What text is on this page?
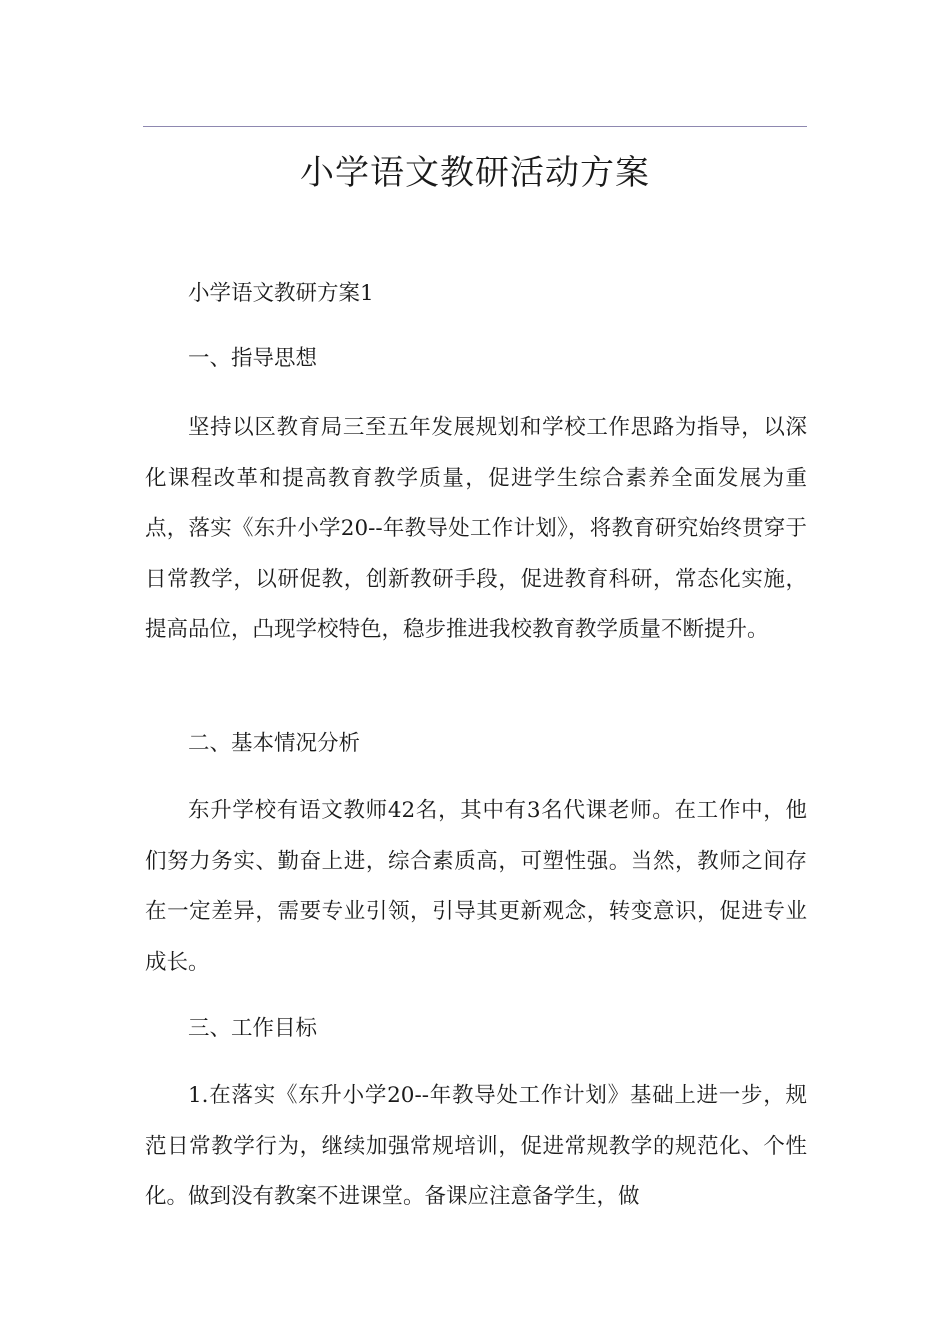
小学语文教研活动方案

小学语文教研方案1

一、指导思想

坚持以区教育局三至五年发展规划和学校工作思路为指导，以深化课程改革和提高教育教学质量，促进学生综合素养全面发展为重点，落实《东升小学20--年教导处工作计划》，将教育研究始终贯穿于日常教学，以研促教，创新教研手段，促进教育科研，常态化实施，提高品位，凸现学校特色，稳步推进我校教育教学质量不断提升。

二、基本情况分析

东升学校有语文教师42名，其中有3名代课老师。在工作中，他们努力务实、勤奋上进，综合素质高，可塑性强。当然，教师之间存在一定差异，需要专业引领，引导其更新观念，转变意识，促进专业成长。

三、工作目标

1.在落实《东升小学20--年教导处工作计划》基础上进一步，规范日常教学行为，继续加强常规培训，促进常规教学的规范化、个性化。做到没有教案不进课堂。备课应注意备学生，做
